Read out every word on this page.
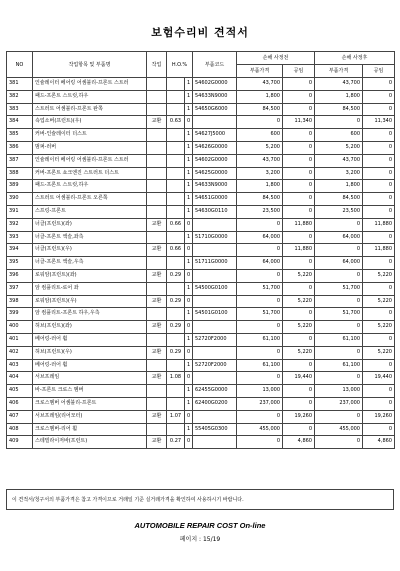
보험수리비 견적서
NO	작업항목 및 부품명	작업	H.O.%		부품코드	손해 사정전		손해 사정후	
						부품가격	공임	부품가격	공임
381	인슐레이터 베어링 어셈블리-프론트 스트러			1	54602G0000	43,700	0	43,700	0
382	패드-프론트 스트럿,하우			1	54633N9000	1,800	0	1,800	0
383	스트러트 어셈블리-프론트 완쪽			1	54650G6000	84,500	0	84,500	0
384	쇽업소버(프런트)(우)	교환	0.63	0		0	11,340	0	11,340
385	커버-인슐레이터 더스트			1	54627J5000	600	0	600	0
386	범퍼-러버			1	54626G0000	5,200	0	5,200	0
387	인슐레이터 베어링 어셈블리-프론트 스트러			1	54602G0000	43,700	0	43,700	0
388	커버-프론트 쇼크엔진 스트러트 더스트			1	54625G0000	3,200	0	3,200	0
389	패드-프론트 스트럿,하우			1	54633N9000	1,800	0	1,800	0
390	스트러트 어셈블리-프론트 오른쪽			1	54651G0000	84,500	0	84,500	0
391	스프링-프론트			1	54630G0110	23,500	0	23,500	0
392	너클(프런트)(좌)	교환	0.66	0		0	11,880	0	11,880
393	너클-프론트 액슬,좌측			1	51710G0000	64,000	0	64,000	0
394	너클(프런트)(우)	교환	0.66	0		0	11,880	0	11,880
395	너클-프론트 액슬,우측			1	51711G0000	64,000	0	64,000	0
396	로워암(프런트)(좌)	교환	0.29	0		0	5,220	0	5,220
397	암 컴플리트-로어 좌			1	54500G0100	51,700	0	51,700	0
398	로워암(프런트)(우)	교환	0.29	0		0	5,220	0	5,220
399	암 컴플리트-프론트 하우,우측			1	54501G0100	51,700	0	51,700	0
400	허브(프런트)(좌)	교환	0.29	0		0	5,220	0	5,220
401	베어링-러어 휠			1	52720F2000	61,100	0	61,100	0
402	허브(프런트)(우)	교환	0.29	0		0	5,220	0	5,220
403	베어링-러어 휠			1	52720F2000	61,100	0	61,100	0
404	서브프레임	교환	1.08	0		0	19,440	0	19,440
405	바-프론트 크로스 멤버			1	62455G0000	13,000	0	13,000	0
406	크로스멤버 어셈블리-프론트			1	62400G0200	237,000	0	237,000	0
407	서브프레임(리어모터)	교환	1.07	0		0	19,260	0	19,260
408	크로스멤버-리어 휠			1	55405G0300	455,000	0	455,000	0
409	스테빌라이저바(프런트)	교환	0.27	0		0	4,860	0	4,860
이 견적서/청구서의 부품가격은 참고 가격이므로 거래일 기준 실거래가격을 확인하여 사용하시기 바랍니다.
AUTOMOBILE REPAIR COST On-line
페이지 : 15/19
